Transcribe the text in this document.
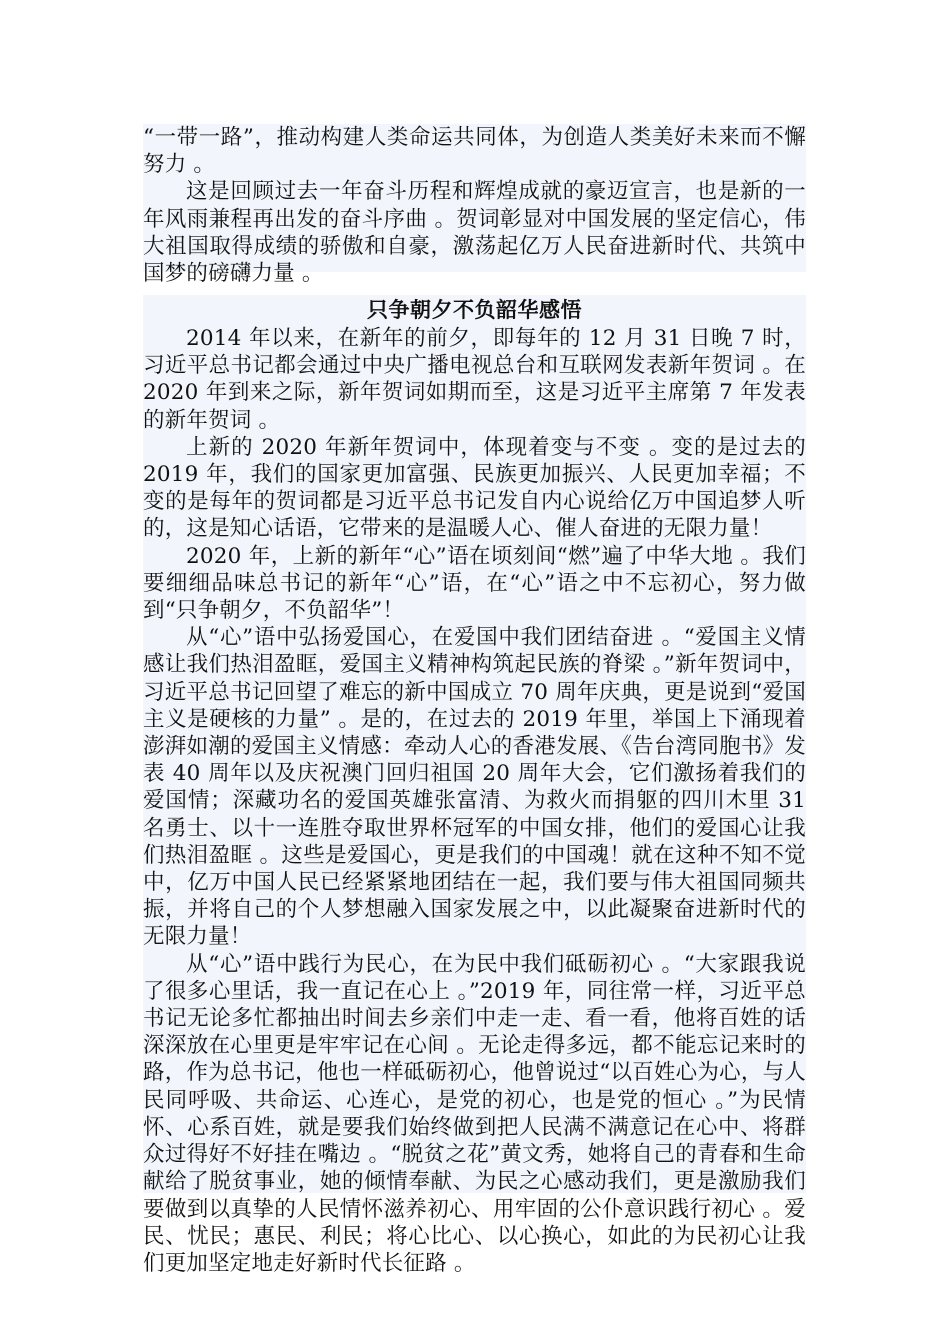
“一带一路”，推动构建人类命运共同体，为创造人类美好未来而不懈努力 。

这是回顾过去一年奋斗历程和辉煌成就的豪迈宣言，也是新的一年风雨兼程再出发的奋斗序曲 。贺词彰显对中国发展的坚定信心，伟大祖国取得成绩的骄傲和自豪，激荡起亿万人民奋进新时代、共筑中国梦的磅礴力量 。

只争朝夕不负韶华感悟

2014 年以来，在新年的前夕，即每年的 12 月 31 日晚 7 时，习近平总书记都会通过中央广播电视总台和互联网发表新年贺词 。在 2020 年到来之际，新年贺词如期而至，这是习近平主席第 7 年发表的新年贺词 。

上新的 2020 年新年贺词中，体现着变与不变 。变的是过去的 2019 年，我们的国家更加富强、民族更加振兴、人民更加幸福；不变的是每年的贺词都是习近平总书记发自内心说给亿万中国追梦人听的，这是知心话语，它带来的是温暖人心、催人奋进的无限力量！

2020 年，上新的新年“心”语在顷刻间“燃”遍了中华大地 。我们要细细品味总书记的新年“心”语，在“心”语之中不忘初心，努力做到“只争朝夕，不负韶华”！

从“心”语中弘扬爱国心，在爱国中我们团结奋进 。“爱国主义情感让我们热泪盈眶，爱国主义精神构筑起民族的脊梁 。”新年贺词中，习近平总书记回望了难忘的新中国成立 70 周年庆典，更是说到“爱国主义是硬核的力量” 。是的，在过去的 2019 年里，举国上下涌现着澎湃如潮的爱国主义情感：牵动人心的香港发展、《告台湾同胞书》发表 40 周年以及庆祝澳门回归祖国 20 周年大会，它们激扬着我们的爱国情；深藏功名的爱国英雄张富清、为救火而捐躯的四川木里 31 名勇士、以十一连胜夺取世界杯冠军的中国女排，他们的爱国心让我们热泪盈眶 。这些是爱国心，更是我们的中国魂！就在这种不知不觉中，亿万中国人民已经紧紧地团结在一起，我们要与伟大祖国同频共振，并将自己的个人梦想融入国家发展之中，以此凝聚奋进新时代的无限力量！

从“心”语中践行为民心，在为民中我们砥砺初心 。“大家跟我说了很多心里话，我一直记在心上 。”2019 年，同往常一样，习近平总书记无论多忙都抽出时间去乡亲们中走一走、看一看，他将百姓的话深深放在心里更是牢牢记在心间 。无论走得多远，都不能忘记来时的路，作为总书记，他也一样砥砺初心，他曾说过“以百姓心为心，与人民同呼吸、共命运、心连心，是党的初心，也是党的恒心 。”为民情怀、心系百姓，就是要我们始终做到把人民满不满意记在心中、将群众过得好不好挂在嘴边 。“脱贫之花”黄文秀，她将自己的青春和生命献给了脱贫事业，她的倾情奉献、为民之心感动我们，更是激励我们要做到以真挚的人民情怀滋养初心、用牢固的公仆意识践行初心 。爱民、忧民；惠民、利民；将心比心、以心换心，如此的为民初心让我们更加坚定地走好新时代长征路 。
